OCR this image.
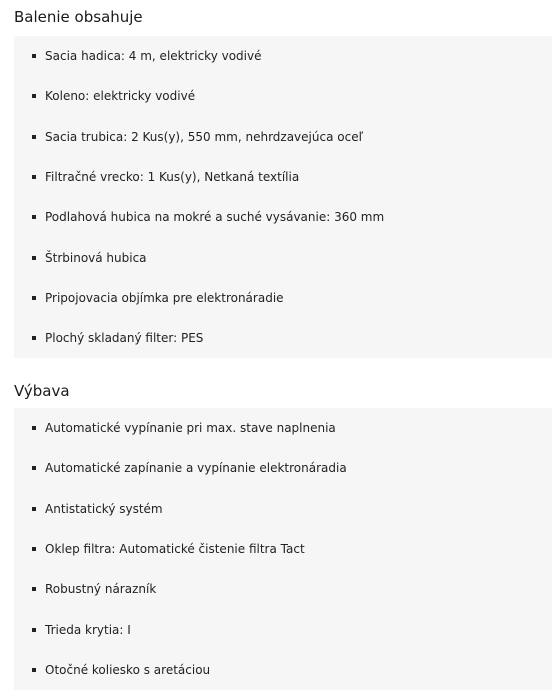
Balenie obsahuje
Sacia hadica: 4 m, elektricky vodivé
Koleno: elektricky vodivé
Sacia trubica: 2 Kus(y), 550 mm, nehrdzavejúca oceľ
Filtračné vrecko: 1 Kus(y), Netkaná textília
Podlahová hubica na mokré a suché vysávanie: 360 mm
Štrbinová hubica
Pripojovacia objímka pre elektronáradie
Plochý skladaný filter: PES
Výbava
Automatické vypínanie pri max. stave naplnenia
Automatické zapínanie a vypínanie elektronáradia
Antistatický systém
Oklep filtra: Automatické čistenie filtra Tact
Robustný nárazník
Trieda krytia: I
Otočné koliesko s aretáciou
